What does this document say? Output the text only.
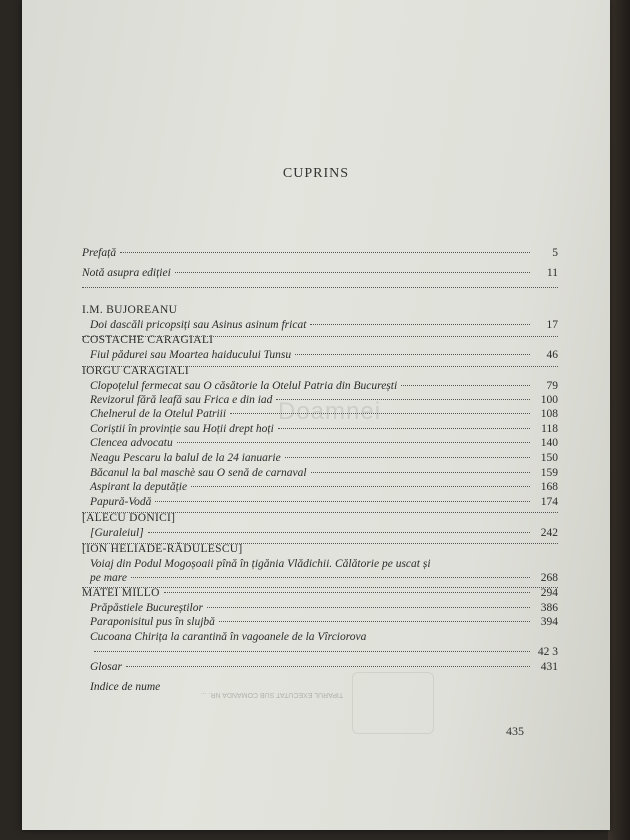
CUPRINS
Prefață	5
Notă asupra ediției	11
I.M. BUJOREANU
Doi dascăli pricopsiți sau Asinus asinum fricat	17
COSTACHE CARAGIALI
Fiul pădurei sau Moartea haiducului Tunsu	46
IORGU CARAGIALI
Clopoțelul fermecat sau O căsătorie la Otelul Patria din București	79
Revizorul fără leafă sau Frica e din iad	100
Chelnerul de la Otelul Patriii	108
Coriștii în provinție sau Hoții drept hoți	118
Clencea advocatu	140
Neagu Pescaru la balul de la 24 ianuarie	150
Băcanul la bal maschè sau O senă de carnaval	159
Aspirant la deputăție	168
Papură-Vodă	174
[ALECU DONICI]
[Guraleiul]	242
[ION HELIADE-RĂDULESCU]
Voiaj din Podul Mogoșoaii pînă în țigănia Vlădichii. Călătorie pe uscat și
pe mare	268
MATEI MILLO	294
Prăpăstiele Bucureștilor	386
Paraponisitul pus în slujbă	394
Cucoana Chirița la carantină în vagoanele de la Vîrciorova
42 3
Glosar	431
Indice de nume
Doamnei
TIPARUL EXECUTAT SUB COMANDA NR. ...
435
